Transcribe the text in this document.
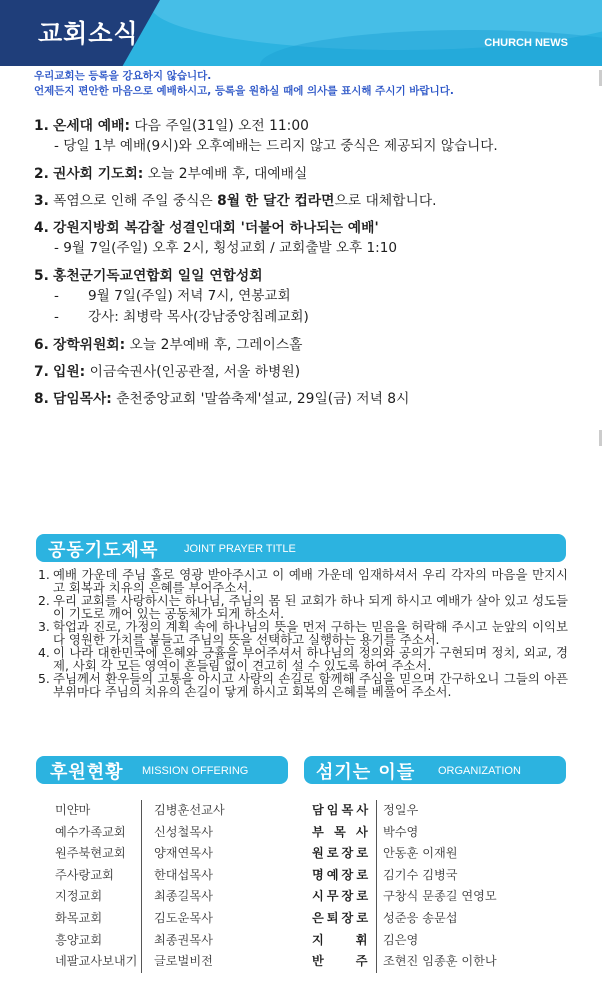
교회소식	CHURCH NEWS
우리교회는 등록을 강요하지 않습니다.
언제든지 편안한 마음으로 예배하시고, 등록을 원하실 때에 의사를 표시해 주시기 바랍니다.
1. 온세대 예배: 다음 주일(31일) 오전 11:00
- 당일 1부 예배(9시)와 오후예배는 드리지 않고 중식은 제공되지 않습니다.
2. 권사회 기도회: 오늘 2부예배 후, 대예배실
3. 폭염으로 인해 주일 중식은 8월 한 달간 컵라면으로 대체합니다.
4. 강원지방회 복감찰 성결인대회 '더불어 하나되는 예배'
- 9월 7일(주일) 오후 2시, 횡성교회 / 교회출발 오후 1:10
5. 홍천군기독교연합회 일일 연합성회
- 9월 7일(주일) 저녁 7시, 연봉교회
- 강사: 최병락 목사(강남중앙침례교회)
6. 장학위원회: 오늘 2부예배 후, 그레이스홀
7. 입원: 이금숙권사(인공관절, 서울 하병원)
8. 담임목사: 춘천중앙교회 '말씀축제'설교, 29일(금) 저녁 8시
공동기도제목 JOINT PRAYER TITLE
1. 예배 가운데 주님 홀로 영광 받아주시고 이 예배 가운데 임재하셔서 우리 각자의 마음을 만지시고 회복과 치유의 은혜를 부어주소서.
2. 우리 교회를 사랑하시는 하나님, 주님의 몸 된 교회가 하나 되게 하시고 예배가 살아 있고 성도들이 기도로 깨어 있는 공동체가 되게 하소서.
3. 학업과 진로, 가정의 계획 속에 하나님의 뜻을 먼저 구하는 믿음을 허락해 주시고 눈앞의 이익보다 영원한 가치를 붙들고 주님의 뜻을 선택하고 실행하는 용기를 주소서.
4. 이 나라 대한민국에 은혜와 긍휼을 부어주셔서 하나님의 정의와 공의가 구현되며 정치, 외교, 경제, 사회 각 모든 영역이 흔들림 없이 견고히 설 수 있도록 하여 주소서.
5. 주님께서 환우들의 고통을 아시고 사랑의 손길로 함께해 주심을 믿으며 간구하오니 그들의 아픈 부위마다 주님의 치유의 손길이 닿게 하시고 회복의 은혜를 베풀어 주소서.
후원현황 MISSION OFFERING	섬기는 이들 ORGANIZATION
미얀마	김병훈선교사
예수가족교회	신성철목사
원주북현교회	양재연목사
주사랑교회	한대섭목사
지정교회	최종길목사
화목교회	김도운목사
흥양교회	최종권목사
네팔교사보내기	글로벌비전
담임목사 정일우
부 목 사 박수영
원로장로 안동훈 이재원
명예장로 김기수 김병국
시무장로 구창식 문종길 연영모
은퇴장로 성준응 송문섭
지    휘	김은영
반    주	조현진 임종훈 이한나
